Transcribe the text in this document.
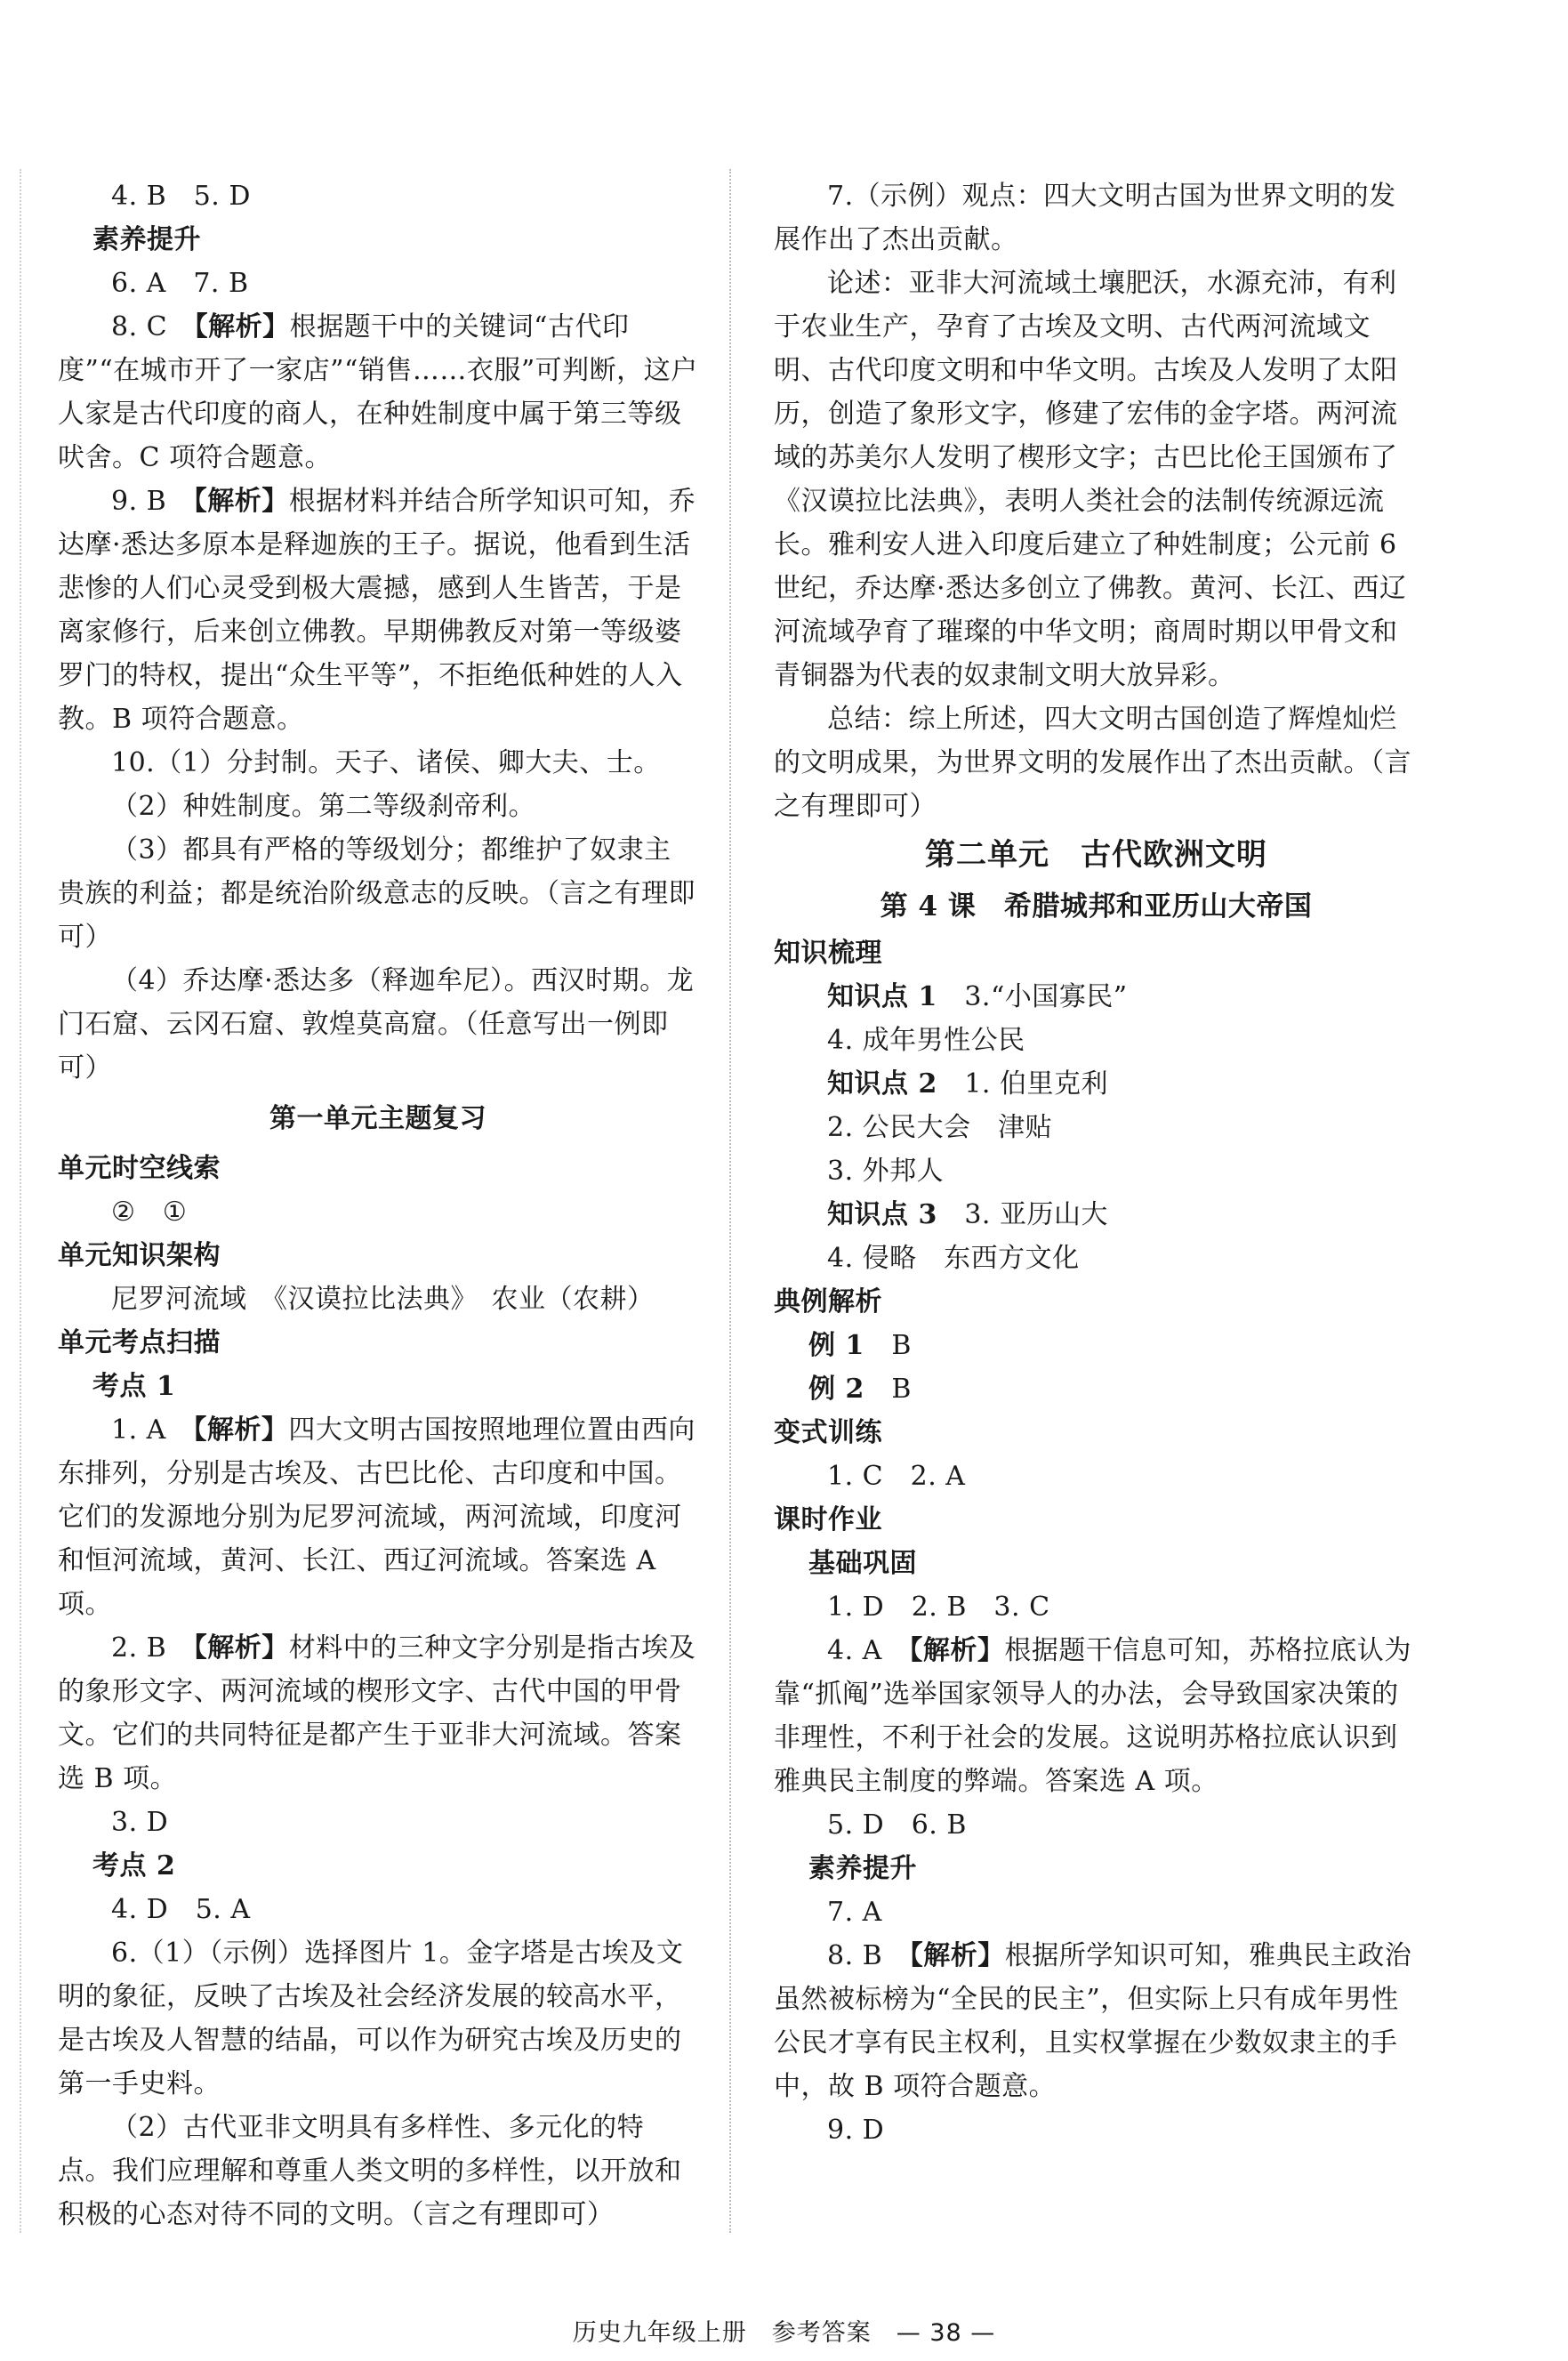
4. B　5. D

素养提升

6. A　7. B

8. C　 【解析】根据题干中的关键词“古代印度”“在城市开了一家店”“销售……衣服”可判断，这户人家是古代印度的商人，在种姓制度中属于第三等级吠舍。C 项符合题意。

9. B　 【解析】根据材料并结合所学知识可知，乔达摩·悉达多原本是释迦族的王子。据说，他看到生活悲惨的人们心灵受到极大震撼，感到人生皆苦，于是离家修行，后来创立佛教。早期佛教反对第一等级婆罗门的特权，提出“众生平等”，不拒绝低种姓的人入教。B 项符合题意。

10.（1）分封制。天子、诸侯、卿大夫、士。

（2）种姓制度。第二等级刹帝利。

（3）都具有严格的等级划分；都维护了奴隶主贵族的利益；都是统治阶级意志的反映。（言之有理即可）

（4）乔达摩·悉达多（释迦牟尼）。西汉时期。龙门石窟、云冈石窟、敦煌莫高窟。（任意写出一例即可）

第一单元主题复习

单元时空线索

②　①

单元知识架构

尼罗河流域　《汉谟拉比法典》　农业（农耕）

单元考点扫描

考点 1

1. A　 【解析】四大文明古国按照地理位置由西向东排列，分别是古埃及、古巴比伦、古印度和中国。它们的发源地分别为尼罗河流域，两河流域，印度河和恒河流域，黄河、长江、西辽河流域。答案选 A 项。

2. B　 【解析】材料中的三种文字分别是指古埃及的象形文字、两河流域的楔形文字、古代中国的甲骨文。它们的共同特征是都产生于亚非大河流域。答案选 B 项。

3. D

考点 2

4. D　5. A

6.（1）（示例）选择图片 1。金字塔是古埃及文明的象征，反映了古埃及社会经济发展的较高水平，是古埃及人智慧的结晶，可以作为研究古埃及历史的第一手史料。

（2）古代亚非文明具有多样性、多元化的特点。我们应理解和尊重人类文明的多样性，以开放和积极的心态对待不同的文明。（言之有理即可）

7.（示例）观点：四大文明古国为世界文明的发展作出了杰出贡献。

论述：亚非大河流域土壤肥沃，水源充沛，有利于农业生产，孕育了古埃及文明、古代两河流域文明、古代印度文明和中华文明。古埃及人发明了太阳历，创造了象形文字，修建了宏伟的金字塔。两河流域的苏美尔人发明了楔形文字；古巴比伦王国颁布了《汉谟拉比法典》，表明人类社会的法制传统源远流长。雅利安人进入印度后建立了种姓制度；公元前 6 世纪，乔达摩·悉达多创立了佛教。黄河、长江、西辽河流域孕育了璀璨的中华文明；商周时期以甲骨文和青铜器为代表的奴隶制文明大放异彩。

总结：综上所述，四大文明古国创造了辉煌灿烂的文明成果，为世界文明的发展作出了杰出贡献。（言之有理即可）

第二单元　古代欧洲文明

第 4 课　希腊城邦和亚历山大帝国

知识梳理

知识点 1　 3.“小国寡民”

4. 成年男性公民

知识点 2　 1. 伯里克利

2. 公民大会　津贴

3. 外邦人

知识点 3　 3. 亚历山大

4. 侵略　东西方文化

典例解析

例 1　 B

例 2　 B

变式训练

1. C　2. A

课时作业

基础巩固

1. D　2. B　3. C

4. A　 【解析】根据题干信息可知，苏格拉底认为靠“抓阄”选举国家领导人的办法，会导致国家决策的非理性，不利于社会的发展。这说明苏格拉底认识到雅典民主制度的弊端。答案选 A 项。

5. D　6. B

素养提升

7. A

8. B　 【解析】根据所学知识可知，雅典民主政治虽然被标榜为“全民的民主”，但实际上只有成年男性公民才享有民主权利，且实权掌握在少数奴隶主的手中，故 B 项符合题意。

9. D

历史九年级上册　参考答案　— 38 —
